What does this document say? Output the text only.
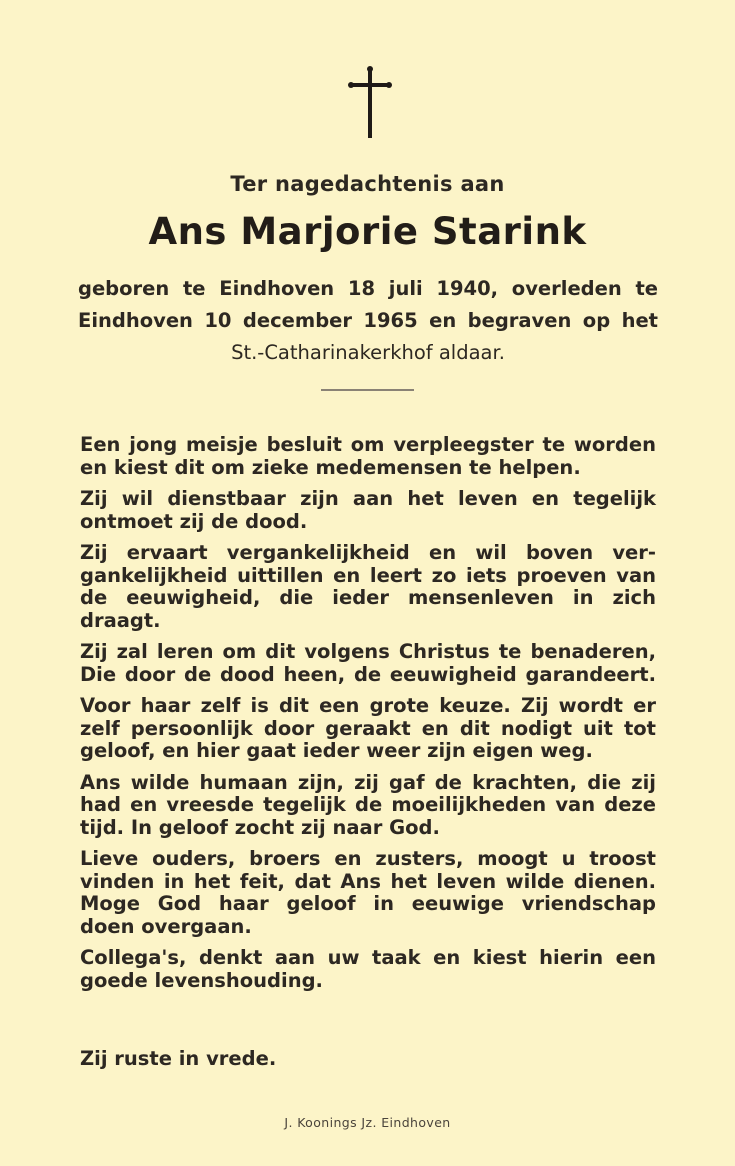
Ter nagedachtenis aan
Ans Marjorie Starink
geboren te Eindhoven 18 juli 1940, overleden te
Eindhoven 10 december 1965 en begraven op het
St.-Catharinakerkhof aldaar.
Een jong meisje besluit om verpleegster te worden
en kiest dit om zieke medemensen te helpen.
Zij wil dienstbaar zijn aan het leven en tegelijk
ontmoet zij de dood.
Zij ervaart vergankelijkheid en wil boven ver-
gankelijkheid uittillen en leert zo iets proeven van
de eeuwigheid, die ieder mensenleven in zich
draagt.
Zij zal leren om dit volgens Christus te benaderen,
Die door de dood heen, de eeuwigheid garandeert.
Voor haar zelf is dit een grote keuze. Zij wordt er
zelf persoonlijk door geraakt en dit nodigt uit tot
geloof, en hier gaat ieder weer zijn eigen weg.
Ans wilde humaan zijn, zij gaf de krachten, die zij
had en vreesde tegelijk de moeilijkheden van deze
tijd. In geloof zocht zij naar God.
Lieve ouders, broers en zusters, moogt u troost
vinden in het feit, dat Ans het leven wilde dienen.
Moge God haar geloof in eeuwige vriendschap
doen overgaan.
Collega's, denkt aan uw taak en kiest hierin een
goede levenshouding.
Zij ruste in vrede.
J. Koonings Jz. Eindhoven
